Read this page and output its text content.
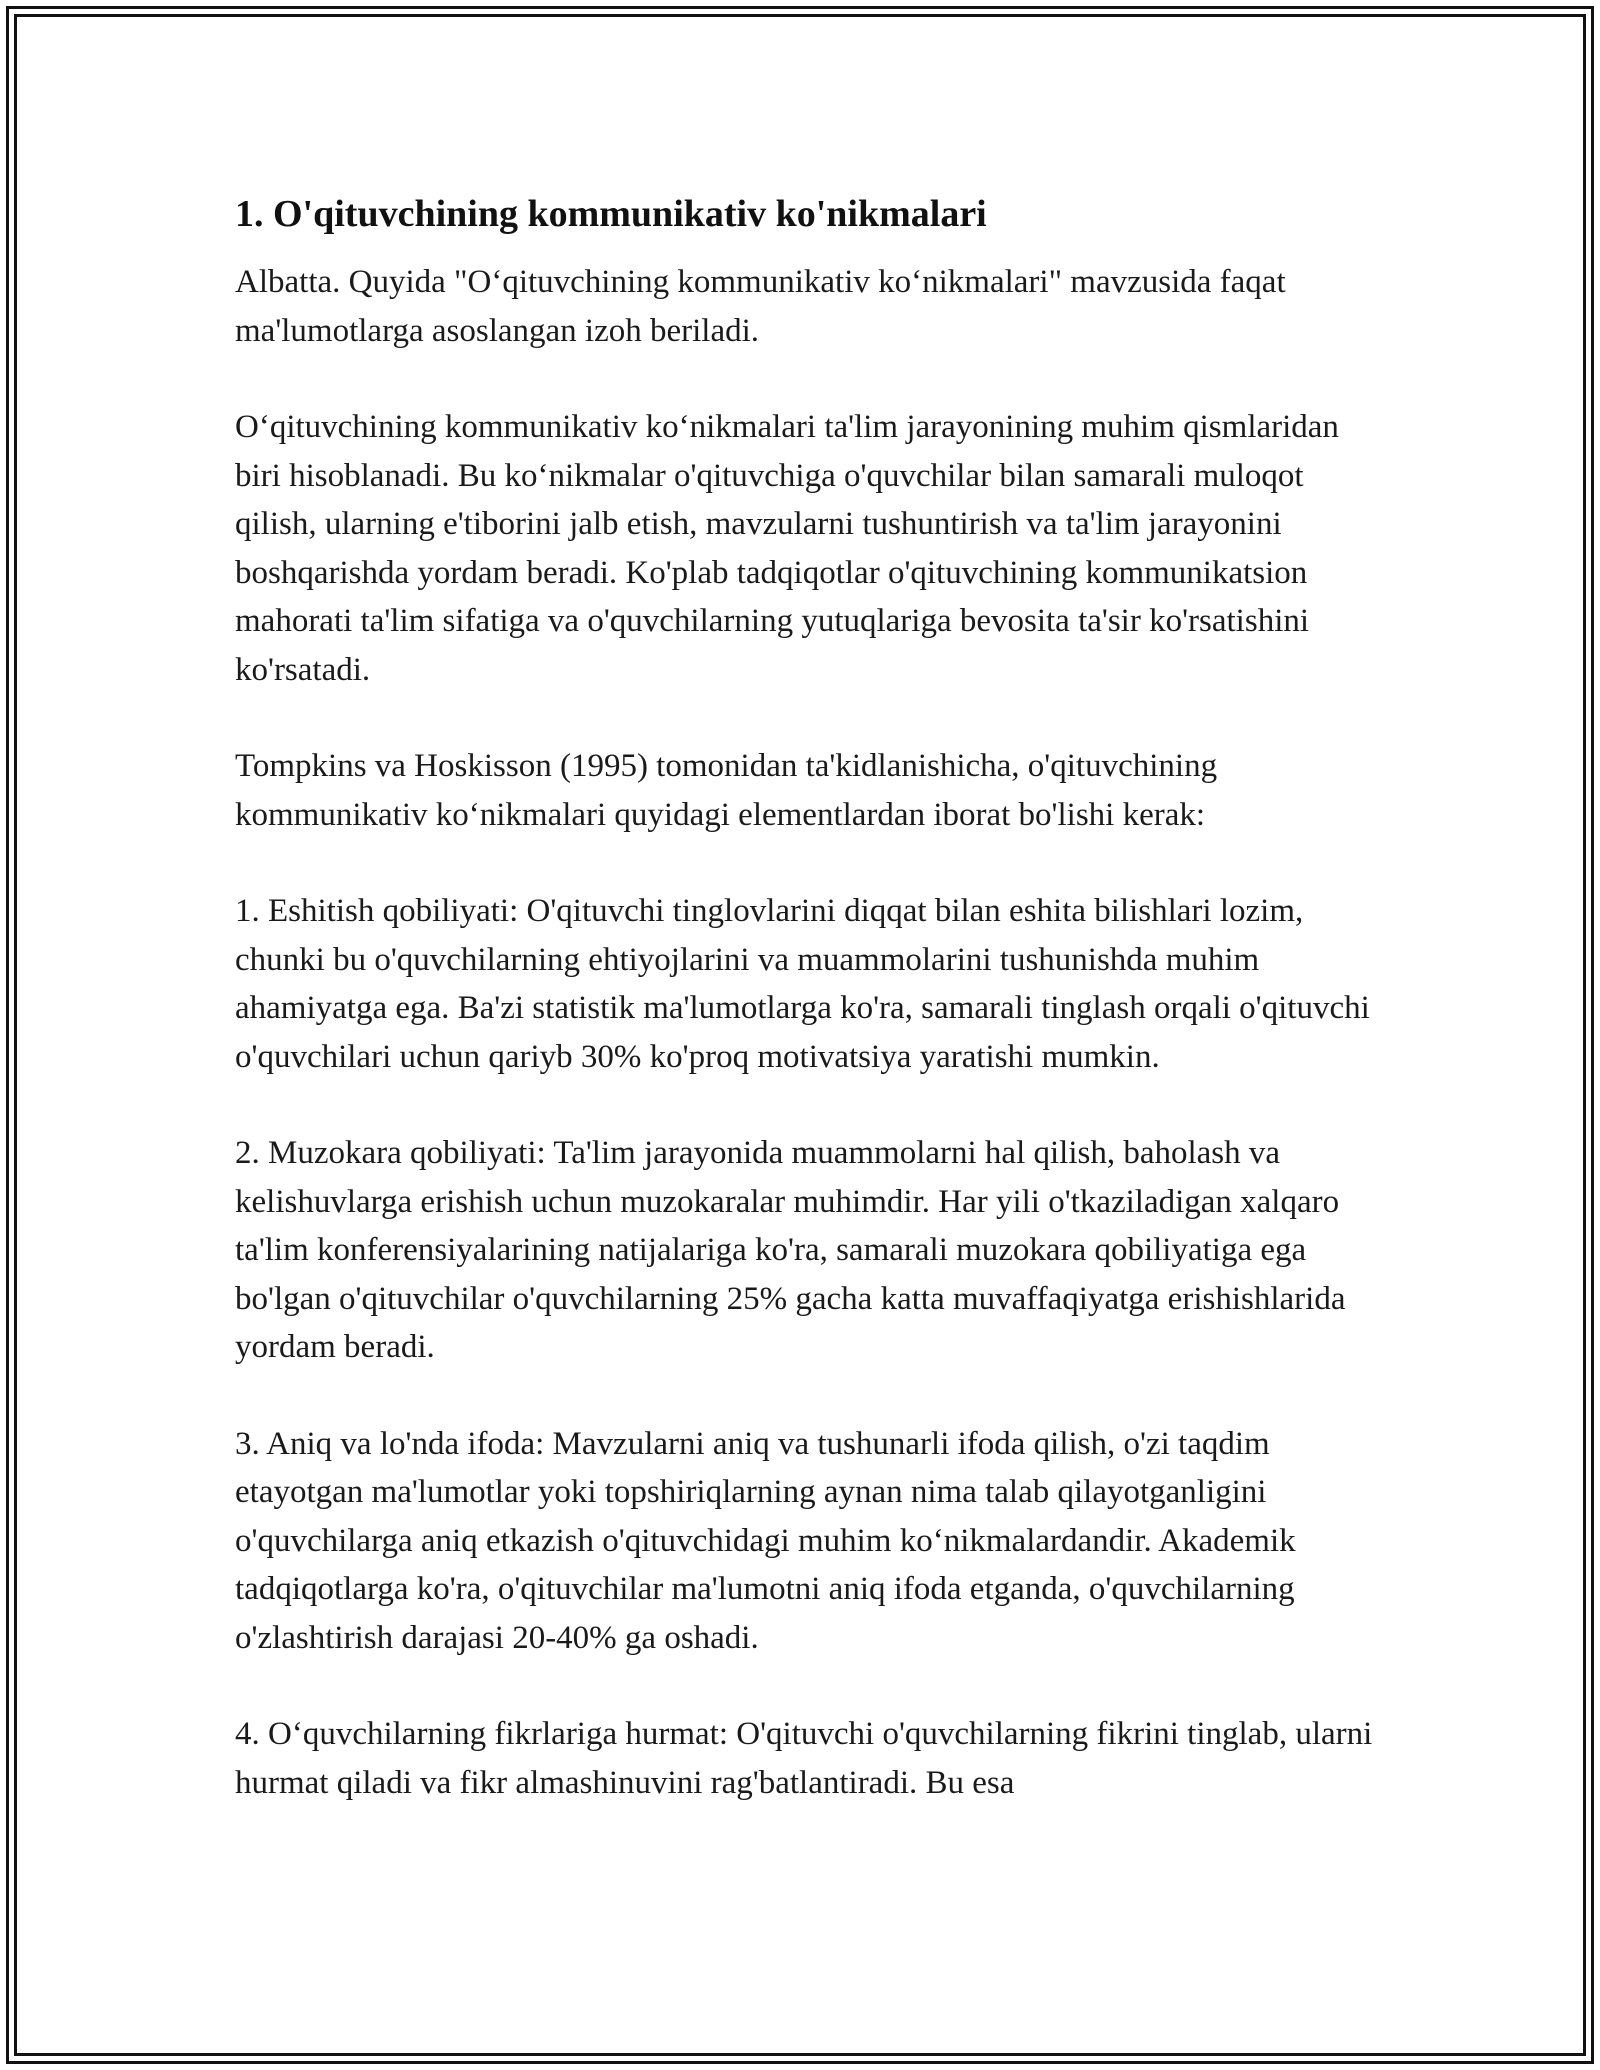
1. O'qituvchining kommunikativ ko'nikmalari

Albatta. Quyida "O‘qituvchining kommunikativ ko‘nikmalari" mavzusida faqat ma'lumotlarga asoslangan izoh beriladi.

O‘qituvchining kommunikativ ko‘nikmalari ta'lim jarayonining muhim qismlaridan biri hisoblanadi. Bu ko‘nikmalar o'qituvchiga o'quvchilar bilan samarali muloqot qilish, ularning e'tiborini jalb etish, mavzularni tushuntirish va ta'lim jarayonini boshqarishda yordam beradi. Ko'plab tadqiqotlar o'qituvchining kommunikatsion mahorati ta'lim sifatiga va o'quvchilarning yutuqlariga bevosita ta'sir ko'rsatishini ko'rsatadi.

Tompkins va Hoskisson (1995) tomonidan ta'kidlanishicha, o'qituvchining kommunikativ ko‘nikmalari quyidagi elementlardan iborat bo'lishi kerak:

1. Eshitish qobiliyati: O'qituvchi tinglovlarini diqqat bilan eshita bilishlari lozim, chunki bu o'quvchilarning ehtiyojlarini va muammolarini tushunishda muhim ahamiyatga ega. Ba'zi statistik ma'lumotlarga ko'ra, samarali tinglash orqali o'qituvchi o'quvchilari uchun qariyb 30% ko'proq motivatsiya yaratishi mumkin.

2. Muzokara qobiliyati: Ta'lim jarayonida muammolarni hal qilish, baholash va kelishuvlarga erishish uchun muzokaralar muhimdir. Har yili o'tkaziladigan xalqaro ta'lim konferensiyalarining natijalariga ko'ra, samarali muzokara qobiliyatiga ega bo'lgan o'qituvchilar o'quvchilarning 25% gacha katta muvaffaqiyatga erishishlarida yordam beradi.

3. Aniq va lo'nda ifoda: Mavzularni aniq va tushunarli ifoda qilish, o'zi taqdim etayotgan ma'lumotlar yoki topshiriqlarning aynan nima talab qilayotganligini o'quvchilarga aniq etkazish o'qituvchidagi muhim ko‘nikmalardandir. Akademik tadqiqotlarga ko'ra, o'qituvchilar ma'lumotni aniq ifoda etganda, o'quvchilarning o'zlashtirish darajasi 20-40% ga oshadi.

4. O‘quvchilarning fikrlariga hurmat: O'qituvchi o'quvchilarning fikrini tinglab, ularni hurmat qiladi va fikr almashinuvini rag'batlantiradi. Bu esa
